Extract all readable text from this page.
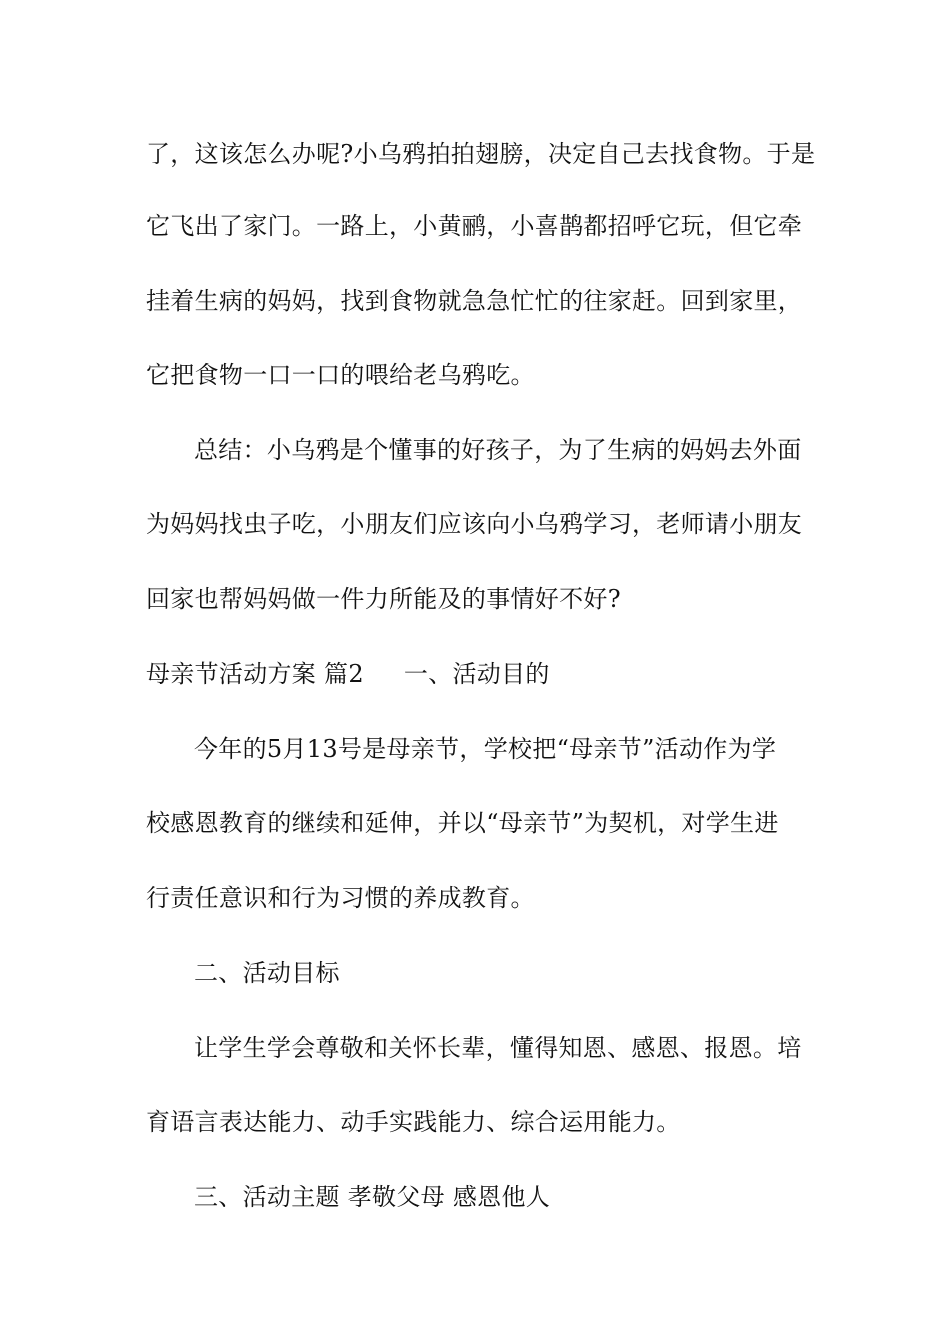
了，这该怎么办呢?小乌鸦拍拍翅膀，决定自己去找食物。于是
它飞出了家门。一路上，小黄鹂，小喜鹊都招呼它玩，但它牵
挂着生病的妈妈，找到食物就急急忙忙的往家赶。回到家里，
它把食物一口一口的喂给老乌鸦吃。
总结：小乌鸦是个懂事的好孩子，为了生病的妈妈去外面
为妈妈找虫子吃，小朋友们应该向小乌鸦学习，老师请小朋友
回家也帮妈妈做一件力所能及的事情好不好?
母亲节活动方案 篇2 一、活动目的
今年的5月13号是母亲节，学校把“母亲节”活动作为学
校感恩教育的继续和延伸，并以“母亲节”为契机，对学生进
行责任意识和行为习惯的养成教育。
二、活动目标
让学生学会尊敬和关怀长辈，懂得知恩、感恩、报恩。培
育语言表达能力、动手实践能力、综合运用能力。
三、活动主题 孝敬父母 感恩他人
